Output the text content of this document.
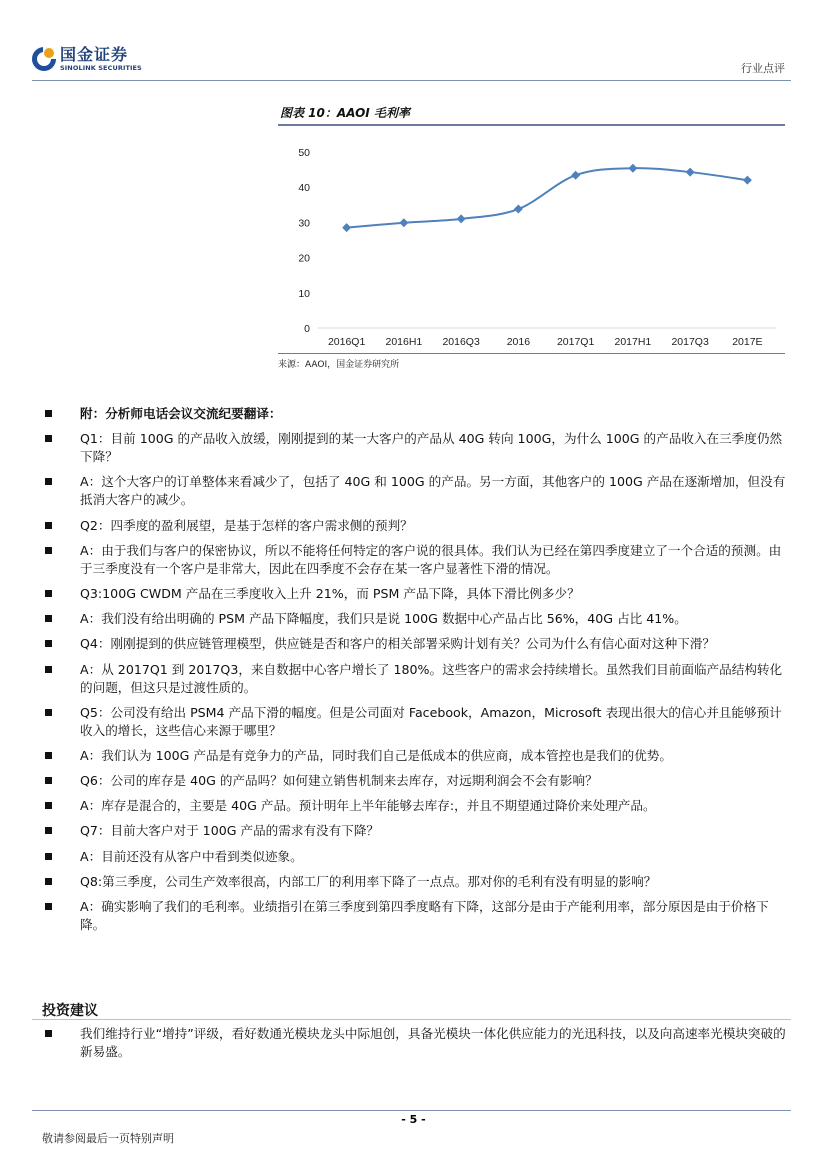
国金证券
SINOLINK SECURITIES	行业点评
图表 10：AAOI 毛利率
0
10
20
30
40
50
2016Q1 2016H1 2016Q3	2016	2017Q1 2017H1 2017Q3 2017E
来源：AAOI，国金证券研究所
附：分析师电话会议交流纪要翻译：
Q1：目前 100G 的产品收入放缓，刚刚提到的某一大客户的产品从 40G 转向 100G，为什么 100G 的产品收入在三季度仍然下降？
A：这个大客户的订单整体来看减少了，包括了 40G 和 100G 的产品。另一方面，其他客户的 100G 产品在逐渐增加，但没有抵消大客户的减少。
Q2：四季度的盈利展望，是基于怎样的客户需求侧的预判？
A：由于我们与客户的保密协议，所以不能将任何特定的客户说的很具体。我们认为已经在第四季度建立了一个合适的预测。由于三季度没有一个客户是非常大，因此在四季度不会存在某一客户显著性下滑的情况。
Q3:100G CWDM 产品在三季度收入上升 21%，而 PSM 产品下降，具体下滑比例多少？
A：我们没有给出明确的 PSM 产品下降幅度，我们只是说 100G 数据中心产品占比 56%，40G 占比 41%。
Q4：刚刚提到的供应链管理模型，供应链是否和客户的相关部署采购计划有关？公司为什么有信心面对这种下滑？
A：从 2017Q1 到 2017Q3，来自数据中心客户增长了 180%。这些客户的需求会持续增长。虽然我们目前面临产品结构转化的问题，但这只是过渡性质的。
Q5：公司没有给出 PSM4 产品下滑的幅度。但是公司面对 Facebook，Amazon，Microsoft 表现出很大的信心并且能够预计收入的增长，这些信心来源于哪里？
A：我们认为 100G 产品是有竞争力的产品，同时我们自己是低成本的供应商，成本管控也是我们的优势。
Q6：公司的库存是 40G 的产品吗？如何建立销售机制来去库存，对远期利润会不会有影响？
A：库存是混合的，主要是 40G 产品。预计明年上半年能够去库存:，并且不期望通过降价来处理产品。
Q7：目前大客户对于 100G 产品的需求有没有下降？
A：目前还没有从客户中看到类似迹象。
Q8:第三季度，公司生产效率很高，内部工厂的利用率下降了一点点。那对你的毛利有没有明显的影响？
A：确实影响了我们的毛利率。业绩指引在第三季度到第四季度略有下降，这部分是由于产能利用率，部分原因是由于价格下降。
投资建议
我们维持行业“增持”评级，看好数通光模块龙头中际旭创，具备光模块一体化供应能力的光迅科技，以及向高速率光模块突破的新易盛。
- 5 -
敬请参阅最后一页特别声明
